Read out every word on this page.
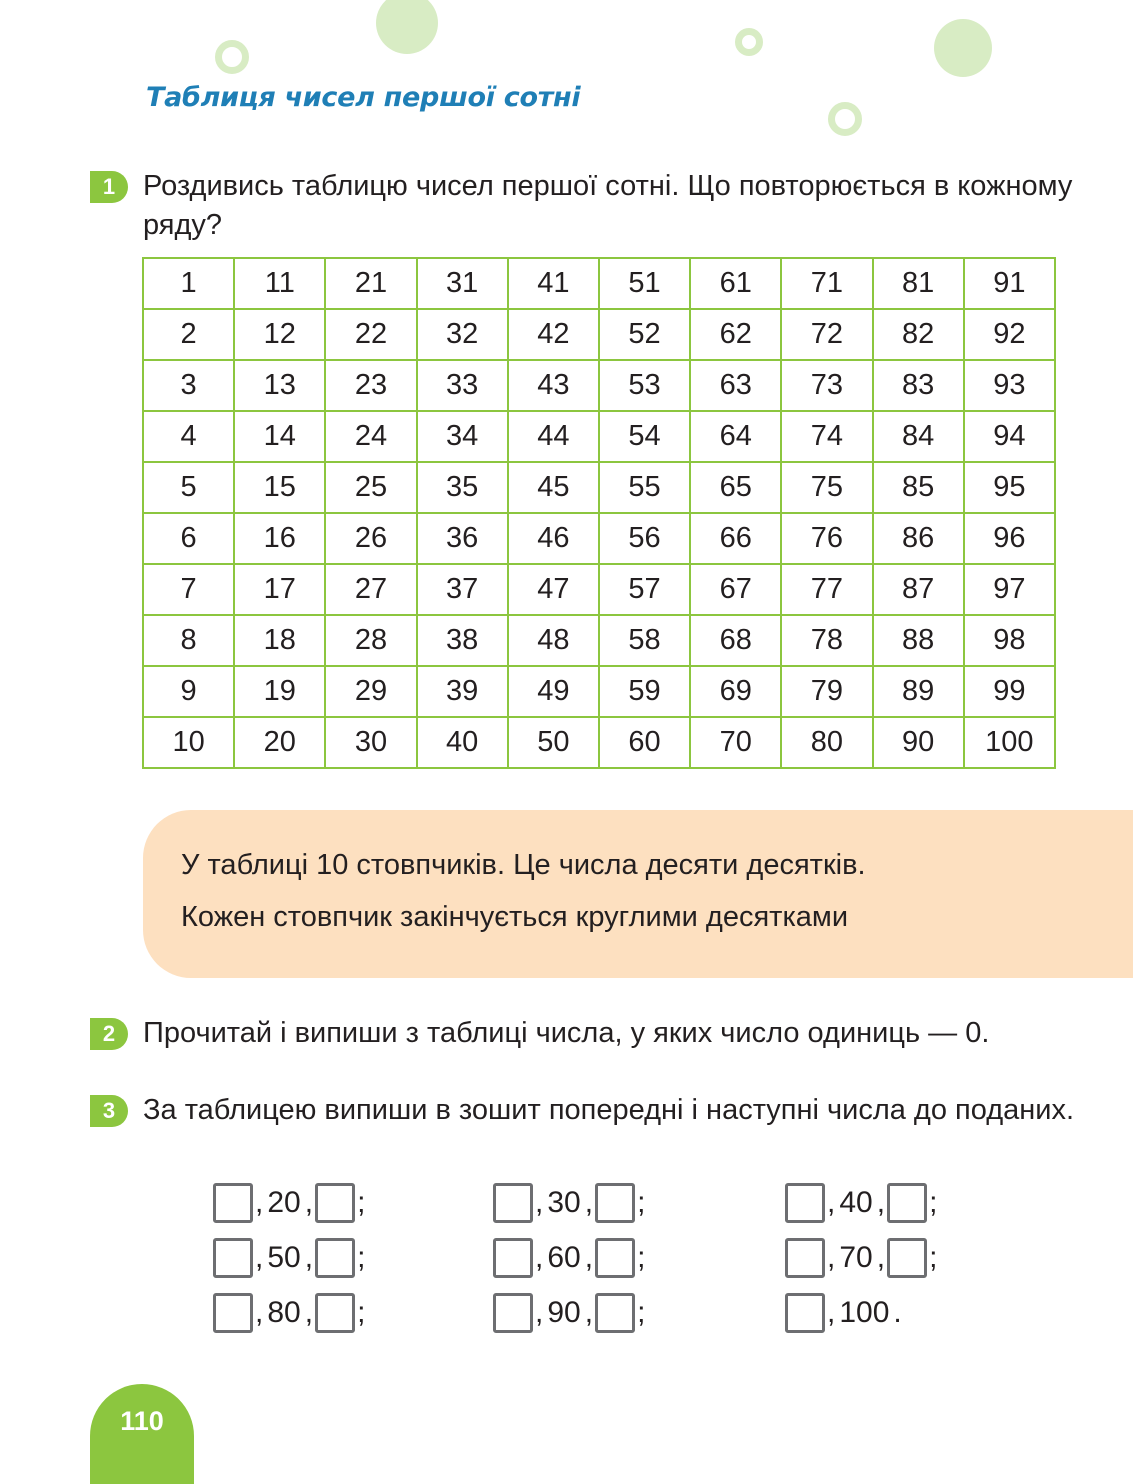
Таблиця чисел першої сотні
1 Роздивись таблицю чисел першої сотні. Що повторюється в кожному ряду?
1	11	21	31	41	51	61	71	81	91
2	12	22	32	42	52	62	72	82	92
3	13	23	33	43	53	63	73	83	93
4	14	24	34	44	54	64	74	84	94
5	15	25	35	45	55	65	75	85	95
6	16	26	36	46	56	66	76	86	96
7	17	27	37	47	57	67	77	87	97
8	18	28	38	48	58	68	78	88	98
9	19	29	39	49	59	69	79	89	99
10	20	30	40	50	60	70	80	90	100

У таблиці 10 стовпчиків. Це числа десяти десятків.

Кожен стовпчик закінчується круглими десятками

2 Прочитай і випиши з таблиці числа, у яких число одиниць — 0.
3 За таблицею випиши в зошит попередні і наступні числа до поданих.
, 20 , ;	, 30 , ;	, 40 , ;
, 50 , ;	, 60 , ;	, 70 , ;
, 80 , ;	, 90 , ;	, 100 .
110
